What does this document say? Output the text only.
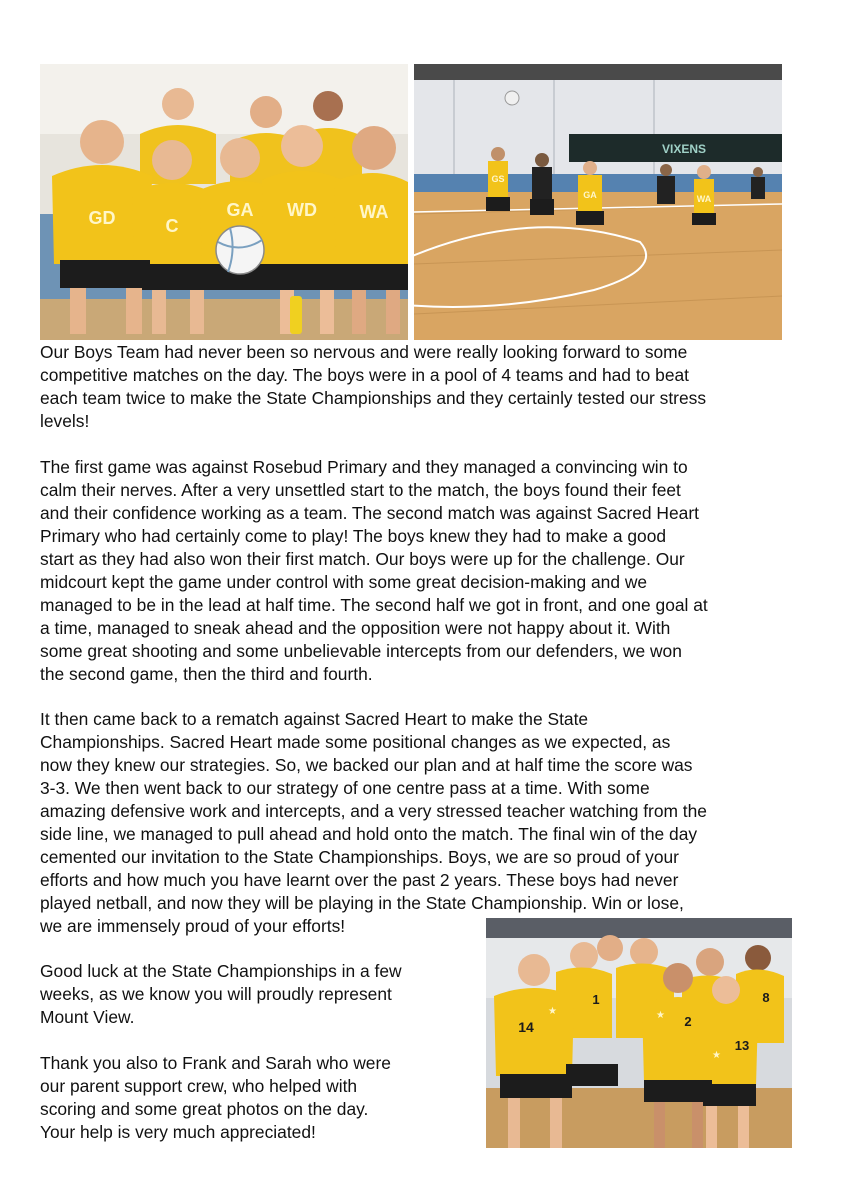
GD	C
GA WD WA
VIXENS
GS
GA	WA

Our Boys Team had never been so nervous and were really looking forward to some
competitive matches on the day. The boys were in a pool of 4 teams and had to beat
each team twice to make the State Championships and they certainly tested our stress
levels!

The first game was against Rosebud Primary and they managed a convincing win to
calm their nerves. After a very unsettled start to the match, the boys found their feet
and their confidence working as a team. The second match was against Sacred Heart
Primary who had certainly come to play! The boys knew they had to make a good
start as they had also won their first match. Our boys were up for the challenge. Our
midcourt kept the game under control with some great decision-making and we
managed to be in the lead at half time. The second half we got in front, and one goal at
a time, managed to sneak ahead and the opposition were not happy about it. With
some great shooting and some unbelievable intercepts from our defenders, we won
the second game, then the third and fourth.

It then came back to a rematch against Sacred Heart to make the State
Championships. Sacred Heart made some positional changes as we expected, as
now they knew our strategies. So, we backed our plan and at half time the score was
3-3. We then went back to our strategy of one centre pass at a time. With some
amazing defensive work and intercepts, and a very stressed teacher watching from the
side line, we managed to pull ahead and hold onto the match. The final win of the day
cemented our invitation to the State Championships. Boys, we are so proud of your
efforts and how much you have learnt over the past 2 years. These boys had never
played netball, and now they will be playing in the State Championship. Win or lose,
we are immensely proud of your efforts!

Good luck at the State Championships in a few
weeks, as we know you will proudly represent
Mount View.

Thank you also to Frank and Sarah who were
our parent support crew, who helped with
scoring and some great photos on the day.
Your help is very much appreciated!

14
1
2
8
13
★	★
★
